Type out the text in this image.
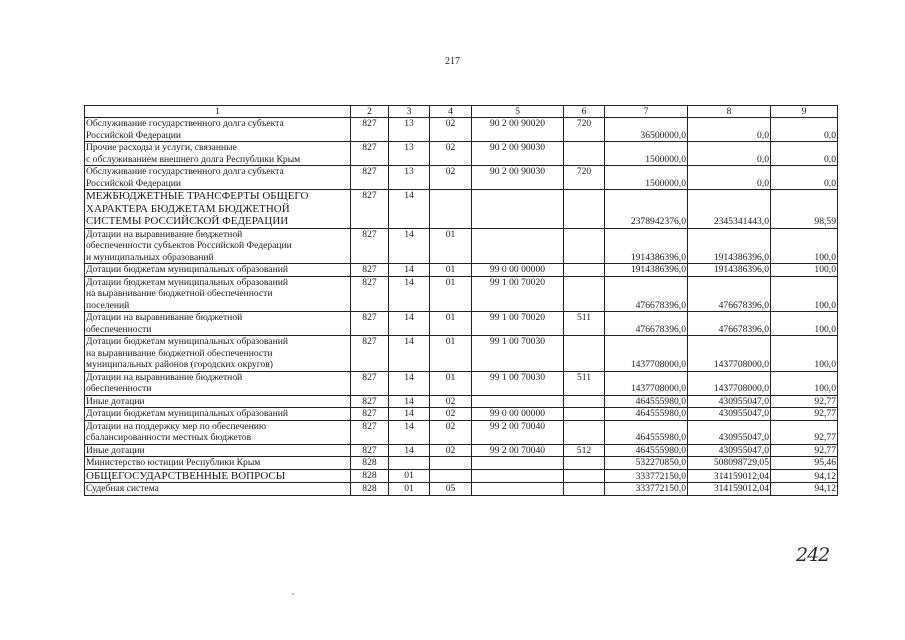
217
1	2	3	4	5	6	7	8	9

Обслуживание государственного долга субъекта
Российской Федерации	827	13	02	90 2 00 90020	720	36500000,0	0,0	0,0

Прочие расходы и услуги, связанные
с обслуживанием внешнего долга Республики Крым	827	13	02	90 2 00 90030		1500000,0	0,0	0,0

Обслуживание государственного долга субъекта
Российской Федерации	827	13	02	90 2 00 90030	720	1500000,0	0,0	0,0

МЕЖБЮДЖЕТНЫЕ ТРАНСФЕРТЫ ОБЩЕГО
ХАРАКТЕРА БЮДЖЕТАМ БЮДЖЕТНОЙ
СИСТЕМЫ РОССИЙСКОЙ ФЕДЕРАЦИИ	827	14				2378942376,0	2345341443,0	98,59

Дотации на выравнивание бюджетной
обеспеченности субъектов Российской Федерации
и муниципальных образований	827	14	01			1914386396,0	1914386396,0	100,0

Дотации бюджетам муниципальных образований	827	14	01	99 0 00 00000		1914386396,0	1914386396,0	100,0

Дотации бюджетам муниципальных образований
на выравнивание бюджетной обеспеченности
поселений	827	14	01	99 1 00 70020		476678396,0	476678396,0	100,0

Дотации на выравнивание бюджетной
обеспеченности	827	14	01	99 1 00 70020	511	476678396,0	476678396,0	100,0

Дотации бюджетам муниципальных образований
на выравнивание бюджетной обеспеченности
муниципальных районов (городских округов)	827	14	01	99 1 00 70030		1437708000,0	1437708000,0	100,0

Дотации на выравнивание бюджетной
обеспеченности	827	14	01	99 1 00 70030	511	1437708000,0	1437708000,0	100,0

Иные дотации	827	14	02			464555980,0	430955047,0	92,77

Дотации бюджетам муниципальных образований	827	14	02	99 0 00 00000		464555980,0	430955047,0	92,77

Дотации на поддержку мер по обеспечению
сбалансированности местных бюджетов	827	14	02	99 2 00 70040		464555980,0	430955047,0	92,77

Иные дотации	827	14	02	99 2 00 70040	512	464555980,0	430955047,0	92,77

Министерство юстиции Республики Крым	828					532270850,0	508098729,05	95,46

ОБЩЕГОСУДАРСТВЕННЫЕ ВОПРОСЫ	828	01				333772150,0	314159012,04	94,12

Судебная система	828	01	05			333772150,0	314159012,04	94,12
242
